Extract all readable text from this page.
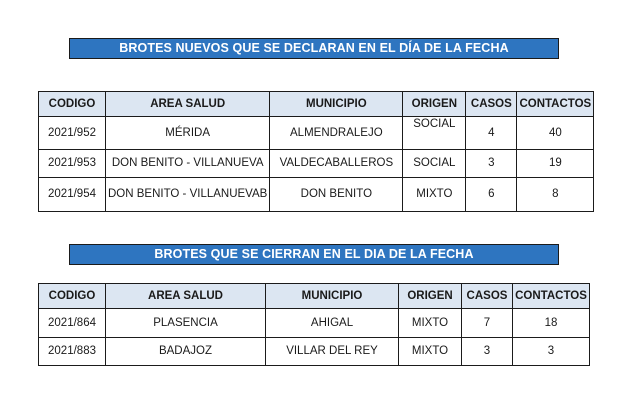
BROTES NUEVOS QUE SE DECLARAN EN EL DÍA DE LA FECHA
CODIGO	AREA SALUD	MUNICIPIO	ORIGEN	CASOS	CONTACTOS
2021/952	MÉRIDA	ALMENDRALEJO	SOCIAL	4	40
2021/953	DON BENITO - VILLANUEVA	VALDECABALLEROS	SOCIAL	3	19
2021/954	DON BENITO - VILLANUEVAB	DON BENITO	MIXTO	6	8
BROTES QUE SE CIERRAN EN EL DIA DE LA FECHA
CODIGO	AREA SALUD	MUNICIPIO	ORIGEN	CASOS	CONTACTOS
2021/864	PLASENCIA	AHIGAL	MIXTO	7	18
2021/883	BADAJOZ	VILLAR DEL REY	MIXTO	3	3
